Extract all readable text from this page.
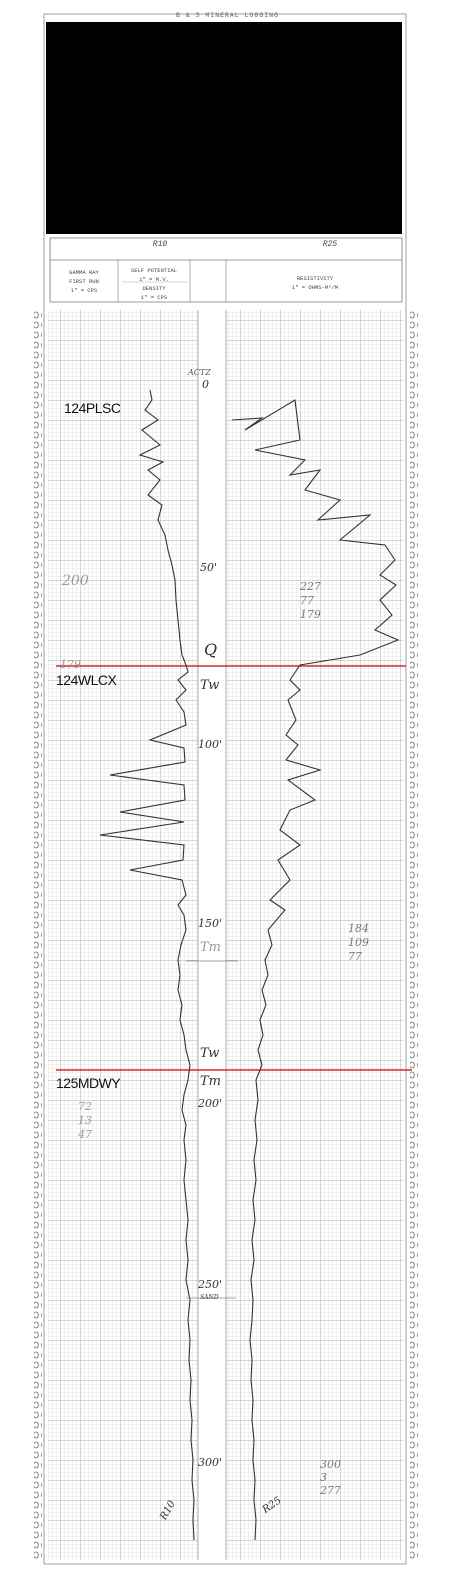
B & S MINERAL LOGGING
R10	R25
GAMMA RAY
FIRST RUN
1" = CPS
SELF POTENTIAL
1" = M.V.
DENSITY
1" = CPS
RESISTIVITY
1" = OHMS-M²/M
ACTZ
0
50'
100'
150'
200'
250'
300'
Q
Tw
Tw
Tm
Tm
SAND
200
179
227
77
179
184
109
77
300
3
277
72
13
47
R10	R25
124PLSC
124WLCX
125MDWY
